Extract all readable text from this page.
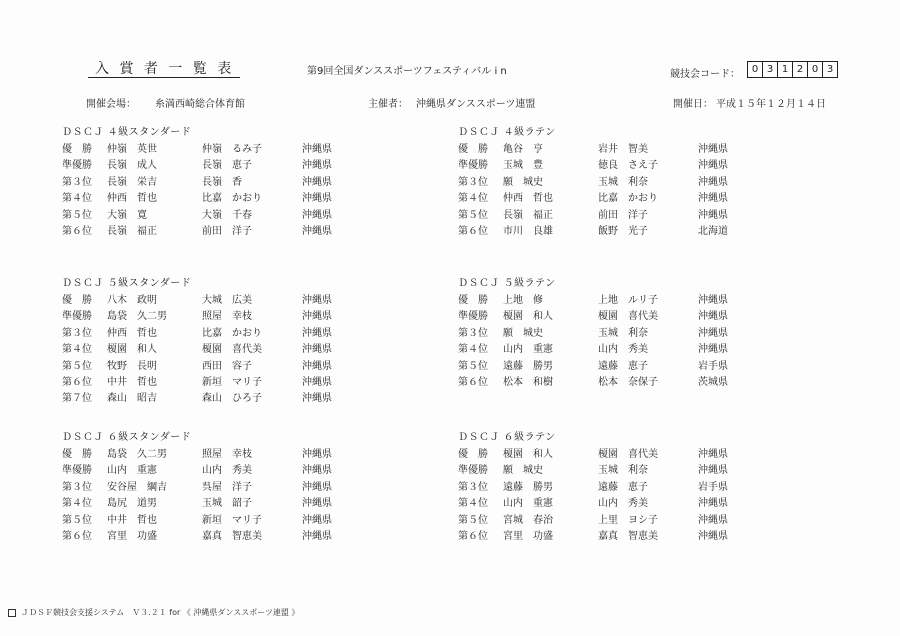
入 賞 者 一 覧 表	第9回全国ダンススポーツフェスティバル i n	競技会コード：	0 3 1 2 0 3
開催会場： 糸満西崎総合体育館	主催者： 沖縄県ダンススポーツ連盟	開催日： 平成１５年１２月１４日
ＤＳＣＪ ４級スタンダード
優　勝	仲嶺　英世	仲嶺　るみ子	沖縄県
準優勝	長嶺　成人	長嶺　恵子	沖縄県
第３位	長嶺　栄吉	長嶺　香	沖縄県
第４位	仲西　哲也	比嘉　かおり	沖縄県
第５位	大嶺　寛	大嶺　千春	沖縄県
第６位	長嶺　福正	前田　洋子	沖縄県
ＤＳＣＪ ４級ラテン
優　勝	亀谷　亨	岩井　智美	沖縄県
準優勝	玉城　豊	徳良　さえ子	沖縄県
第３位	願　城史	玉城　利奈	沖縄県
第４位	仲西　哲也	比嘉　かおり	沖縄県
第５位	長嶺　福正	前田　洋子	沖縄県
第６位	市川　良雄	飯野　光子	北海道
ＤＳＣＪ ５級スタンダード
優　勝	八木　政明	大城　広美	沖縄県
準優勝	島袋　久二男	照屋　幸枝	沖縄県
第３位	仲西　哲也	比嘉　かおり	沖縄県
第４位	榎園　和人	榎園　喜代美	沖縄県
第５位	牧野　長明	西田　容子	沖縄県
第６位	中井　哲也	新垣　マリ子	沖縄県
第７位	森山　昭吉	森山　ひろ子	沖縄県
ＤＳＣＪ ５級ラテン
優　勝	上地　修	上地　ルリ子	沖縄県
準優勝	榎園　和人	榎園　喜代美	沖縄県
第３位	願　城史	玉城　利奈	沖縄県
第４位	山内　重憲	山内　秀美	沖縄県
第５位	遠藤　勝男	遠藤　恵子	岩手県
第６位	松本　和樹	松本　奈保子	茨城県
ＤＳＣＪ ６級スタンダード
優　勝	島袋　久二男	照屋　幸枝	沖縄県
準優勝	山内　重憲	山内　秀美	沖縄県
第３位	安谷屋　綱吉	呉屋　洋子	沖縄県
第４位	島尻　道男	玉城　韶子	沖縄県
第５位	中井　哲也	新垣　マリ子	沖縄県
第６位	宮里　功盛	嘉真　智恵美	沖縄県
ＤＳＣＪ ６級ラテン
優　勝	榎園　和人	榎園　喜代美	沖縄県
準優勝	願　城史	玉城　利奈	沖縄県
第３位	遠藤　勝男	遠藤　恵子	岩手県
第４位	山内　重憲	山内　秀美	沖縄県
第５位	宮城　春治	上里　ヨシ子	沖縄県
第６位	宮里　功盛	嘉真　智恵美	沖縄県
ＪＤＳＦ競技会支援システム　Ｖ３.２１ for 《 沖縄県ダンススポーツ連盟 》
